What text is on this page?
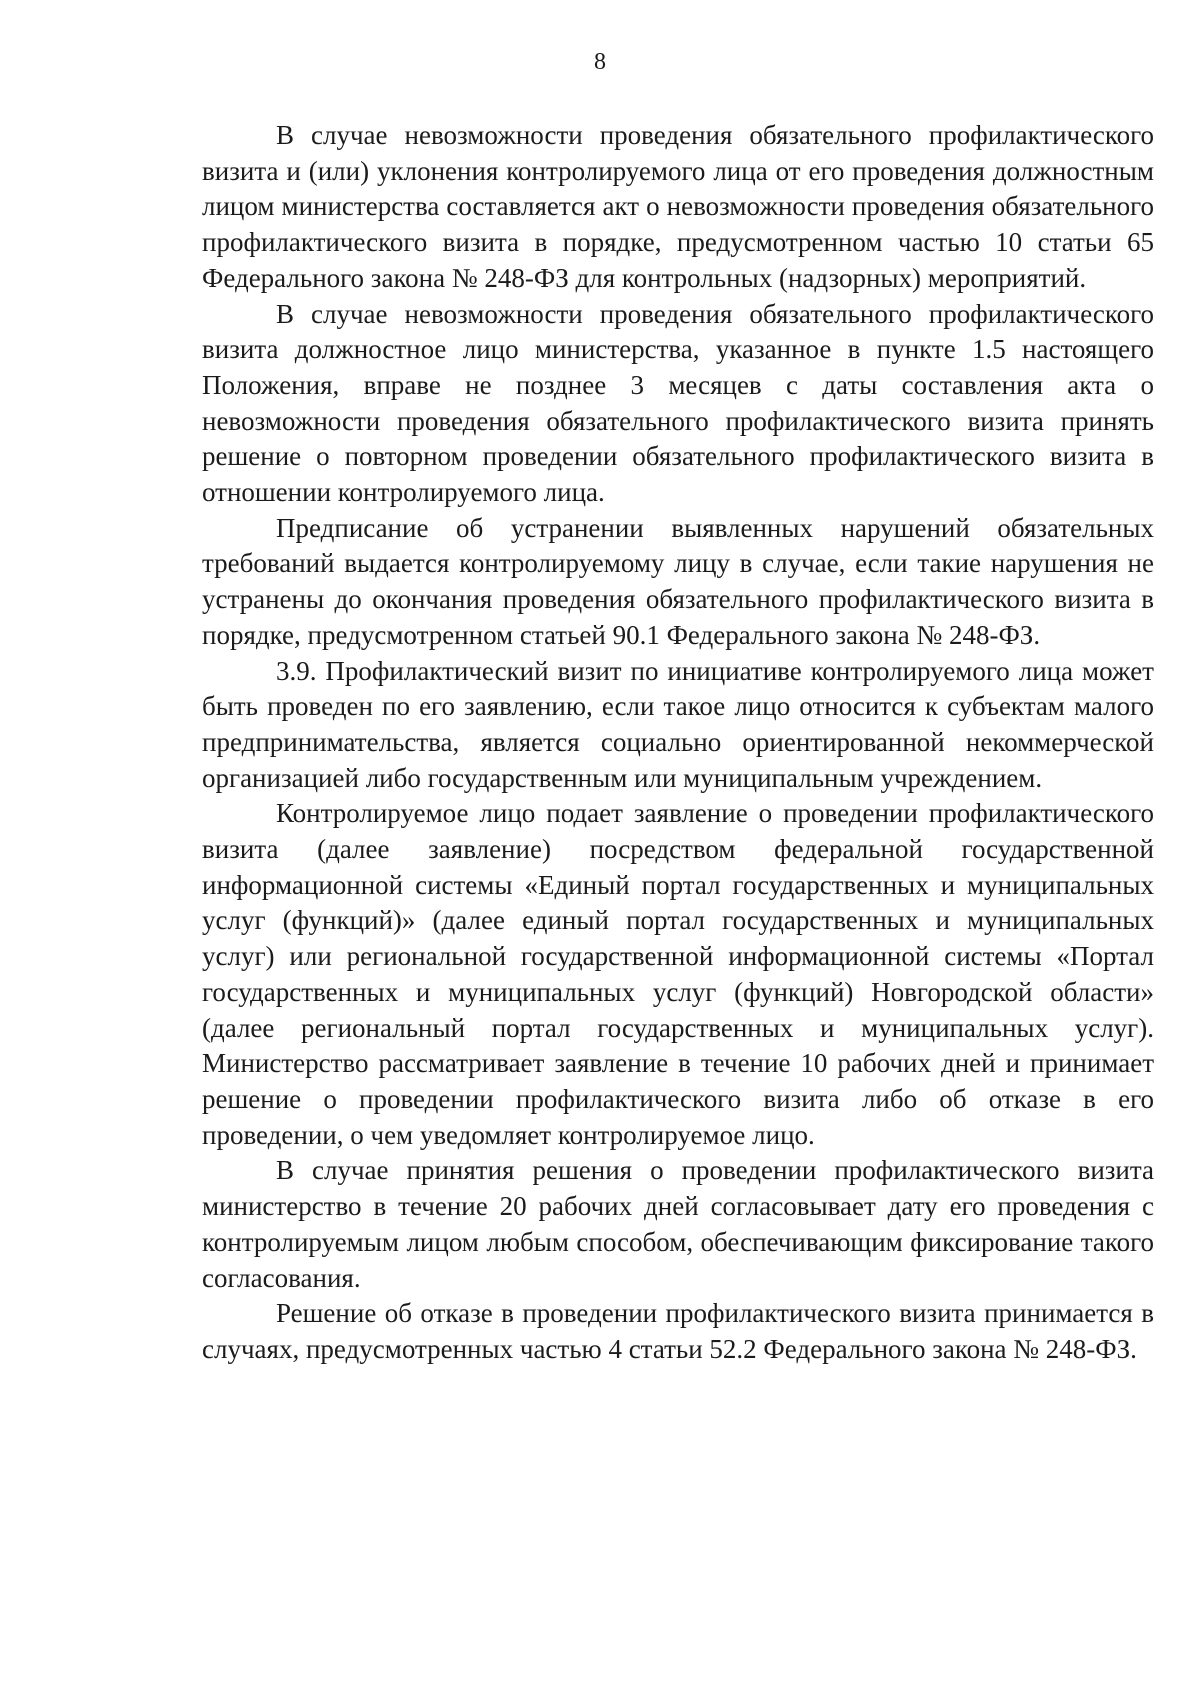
8

В случае невозможности проведения обязательного профилактического визита и (или) уклонения контролируемого лица от его проведения должностным лицом министерства составляется акт о невозможности проведения обязательного профилактического визита в порядке, предусмотренном частью 10 статьи 65 Федерального закона № 248-ФЗ для контрольных (надзорных) мероприятий.

В случае невозможности проведения обязательного профилактического визита должностное лицо министерства, указанное в пункте 1.5 настоящего Положения, вправе не позднее 3 месяцев с даты составления акта о невозможности проведения обязательного профилактического визита принять решение о повторном проведении обязательного профилактического визита в отношении контролируемого лица.

Предписание об устранении выявленных нарушений обязательных требований выдается контролируемому лицу в случае, если такие нарушения не устранены до окончания проведения обязательного профилактического визита в порядке, предусмотренном статьей 90.1 Федерального закона № 248-ФЗ.

3.9. Профилактический визит по инициативе контролируемого лица может быть проведен по его заявлению, если такое лицо относится к субъектам малого предпринимательства, является социально ориентированной некоммерческой организацией либо государственным или муниципальным учреждением.

Контролируемое лицо подает заявление о проведении профилактического визита (далее заявление) посредством федеральной государственной информационной системы «Единый портал государственных и муниципальных услуг (функций)» (далее единый портал государственных и муниципальных услуг) или региональной государственной информационной системы «Портал государственных и муниципальных услуг (функций) Новгородской области» (далее региональный портал государственных и муниципальных услуг). Министерство рассматривает заявление в течение 10 рабочих дней и принимает решение о проведении профилактического визита либо об отказе в его проведении, о чем уведомляет контролируемое лицо.

В случае принятия решения о проведении профилактического визита министерство в течение 20 рабочих дней согласовывает дату его проведения с контролируемым лицом любым способом, обеспечивающим фиксирование такого согласования.

Решение об отказе в проведении профилактического визита принимается в случаях, предусмотренных частью 4 статьи 52.2 Федерального закона № 248-ФЗ.
